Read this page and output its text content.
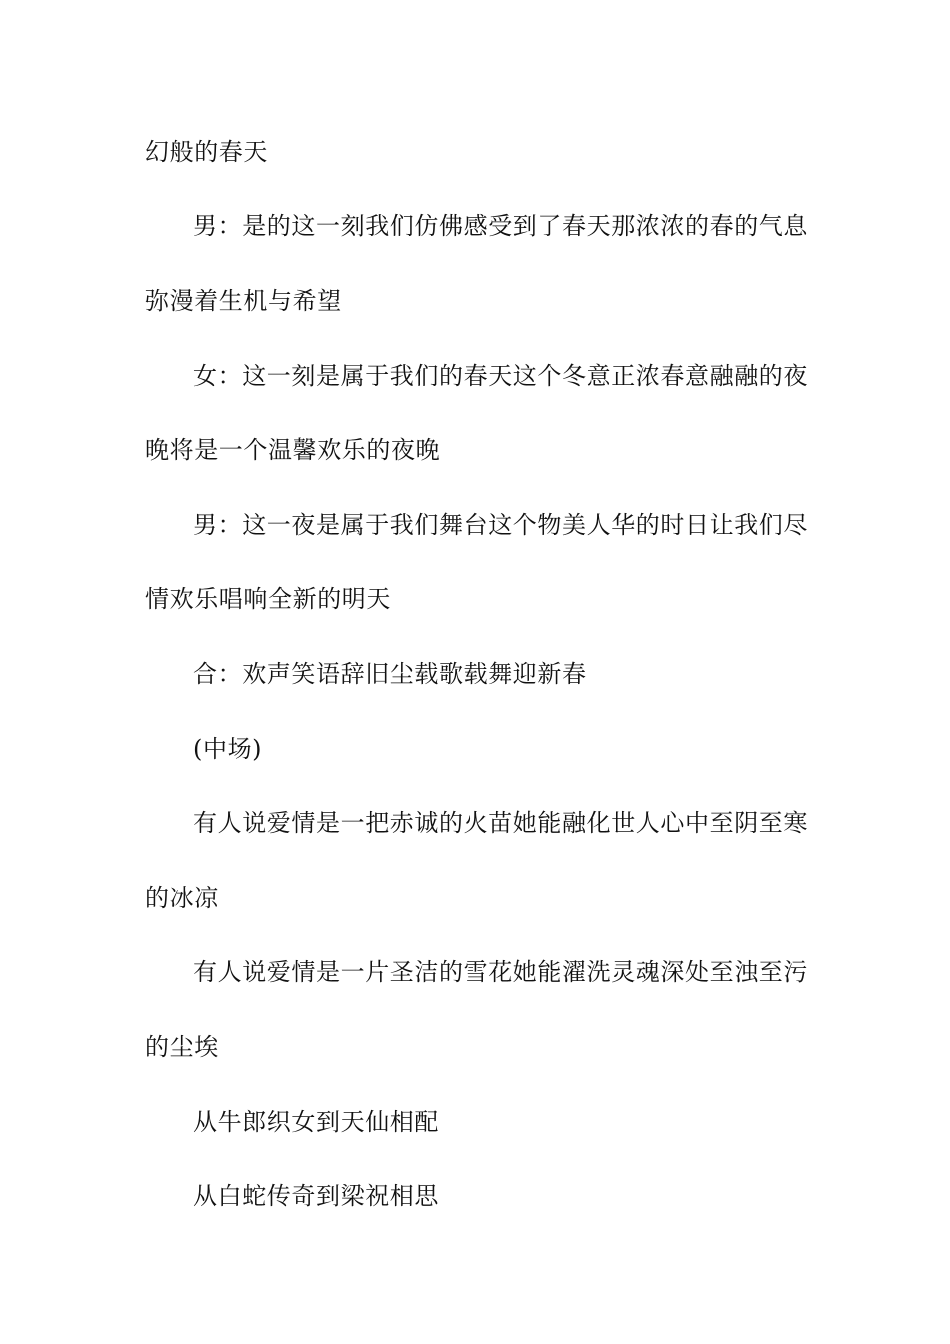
幻般的春天
男：是的这一刻我们仿佛感受到了春天那浓浓的春的气息
弥漫着生机与希望
女：这一刻是属于我们的春天这个冬意正浓春意融融的夜
晚将是一个温馨欢乐的夜晚
男：这一夜是属于我们舞台这个物美人华的时日让我们尽
情欢乐唱响全新的明天
合：欢声笑语辞旧尘载歌载舞迎新春
(中场)
有人说爱情是一把赤诚的火苗她能融化世人心中至阴至寒
的冰凉
有人说爱情是一片圣洁的雪花她能濯洗灵魂深处至浊至污
的尘埃
从牛郎织女到天仙相配
从白蛇传奇到梁祝相思
